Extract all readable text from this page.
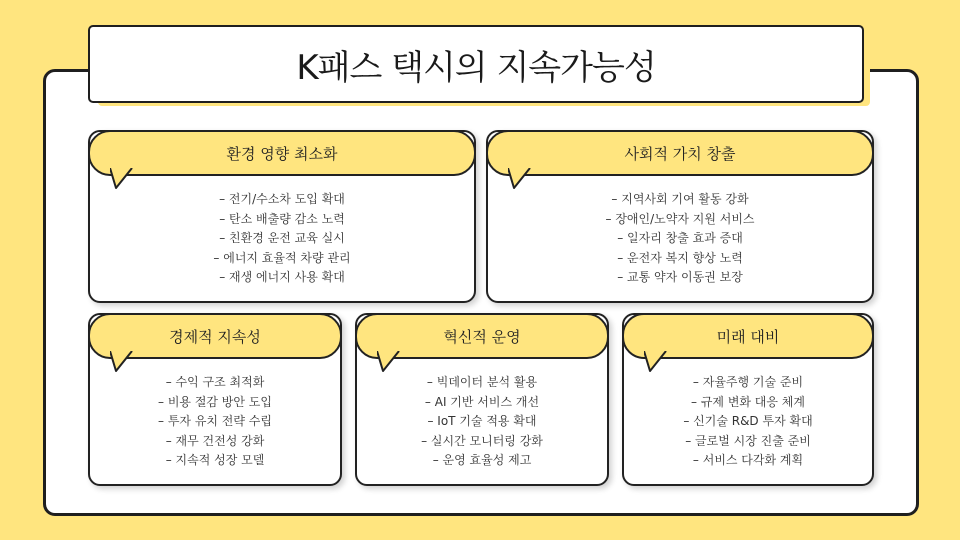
K패스 택시의 지속가능성
환경 영향 최소화
– 전기/수소차 도입 확대
– 탄소 배출량 감소 노력
– 친환경 운전 교육 실시
– 에너지 효율적 차량 관리
– 재생 에너지 사용 확대
사회적 가치 창출
– 지역사회 기여 활동 강화
– 장애인/노약자 지원 서비스
– 일자리 창출 효과 증대
– 운전자 복지 향상 노력
– 교통 약자 이동권 보장
경제적 지속성
– 수익 구조 최적화
– 비용 절감 방안 도입
– 투자 유치 전략 수립
– 재무 건전성 강화
– 지속적 성장 모델
혁신적 운영
– 빅데이터 분석 활용
– AI 기반 서비스 개선
– IoT 기술 적용 확대
– 실시간 모니터링 강화
– 운영 효율성 제고
미래 대비
– 자율주행 기술 준비
– 규제 변화 대응 체계
– 신기술 R&D 투자 확대
– 글로벌 시장 진출 준비
– 서비스 다각화 계획
